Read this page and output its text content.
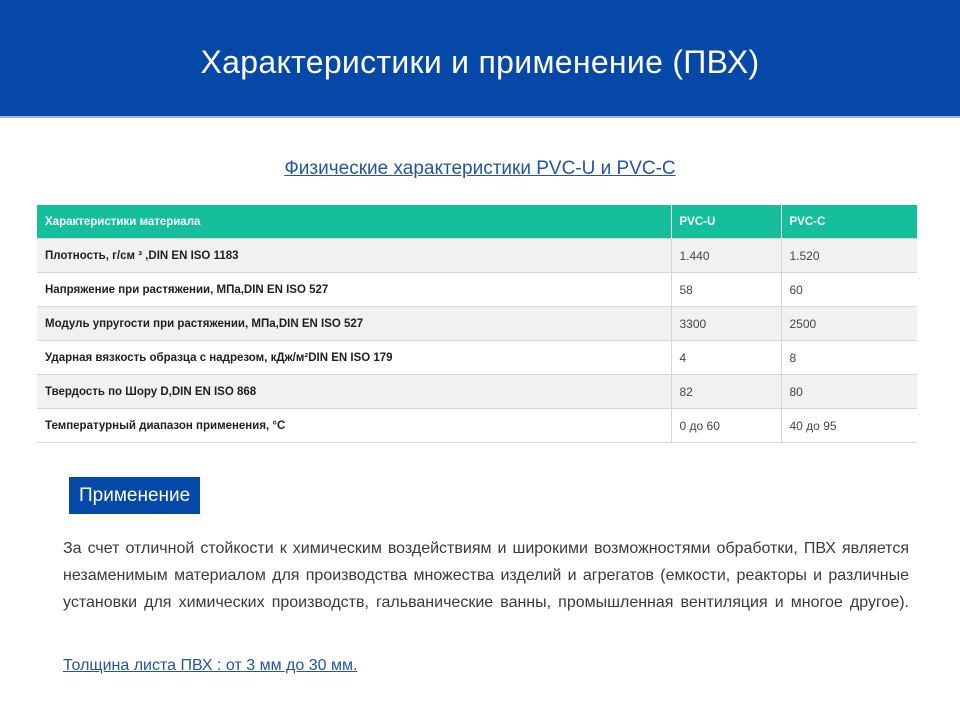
Характеристики и применение (ПВХ)
Физические характеристики PVC-U и PVC-C
Характеристики материала	PVC-U	PVC-C
Плотность, г/см ³ ,DIN EN ISO 1183	1.440	1.520
Напряжение при растяжении, МПа,DIN EN ISO 527	58	60
Модуль упругости при растяжении, МПа,DIN EN ISO 527	3300	2500
Ударная вязкость образца с надрезом, кДж/м²DIN EN ISO 179	4	8
Твердость по Шору D,DIN EN ISO 868	82	80
Температурный диапазон применения, °С	0 до 60	40 до 95
Применение
За счет отличной стойкости к химическим воздействиям и широкими возможностями обработки, ПВХ является незаменимым материалом для производства множества изделий и агрегатов (емкости, реакторы и различные установки для химических производств, гальванические ванны, промышленная вентиляция и многое другое).
Толщина листа ПВХ : от 3 мм до 30 мм.
